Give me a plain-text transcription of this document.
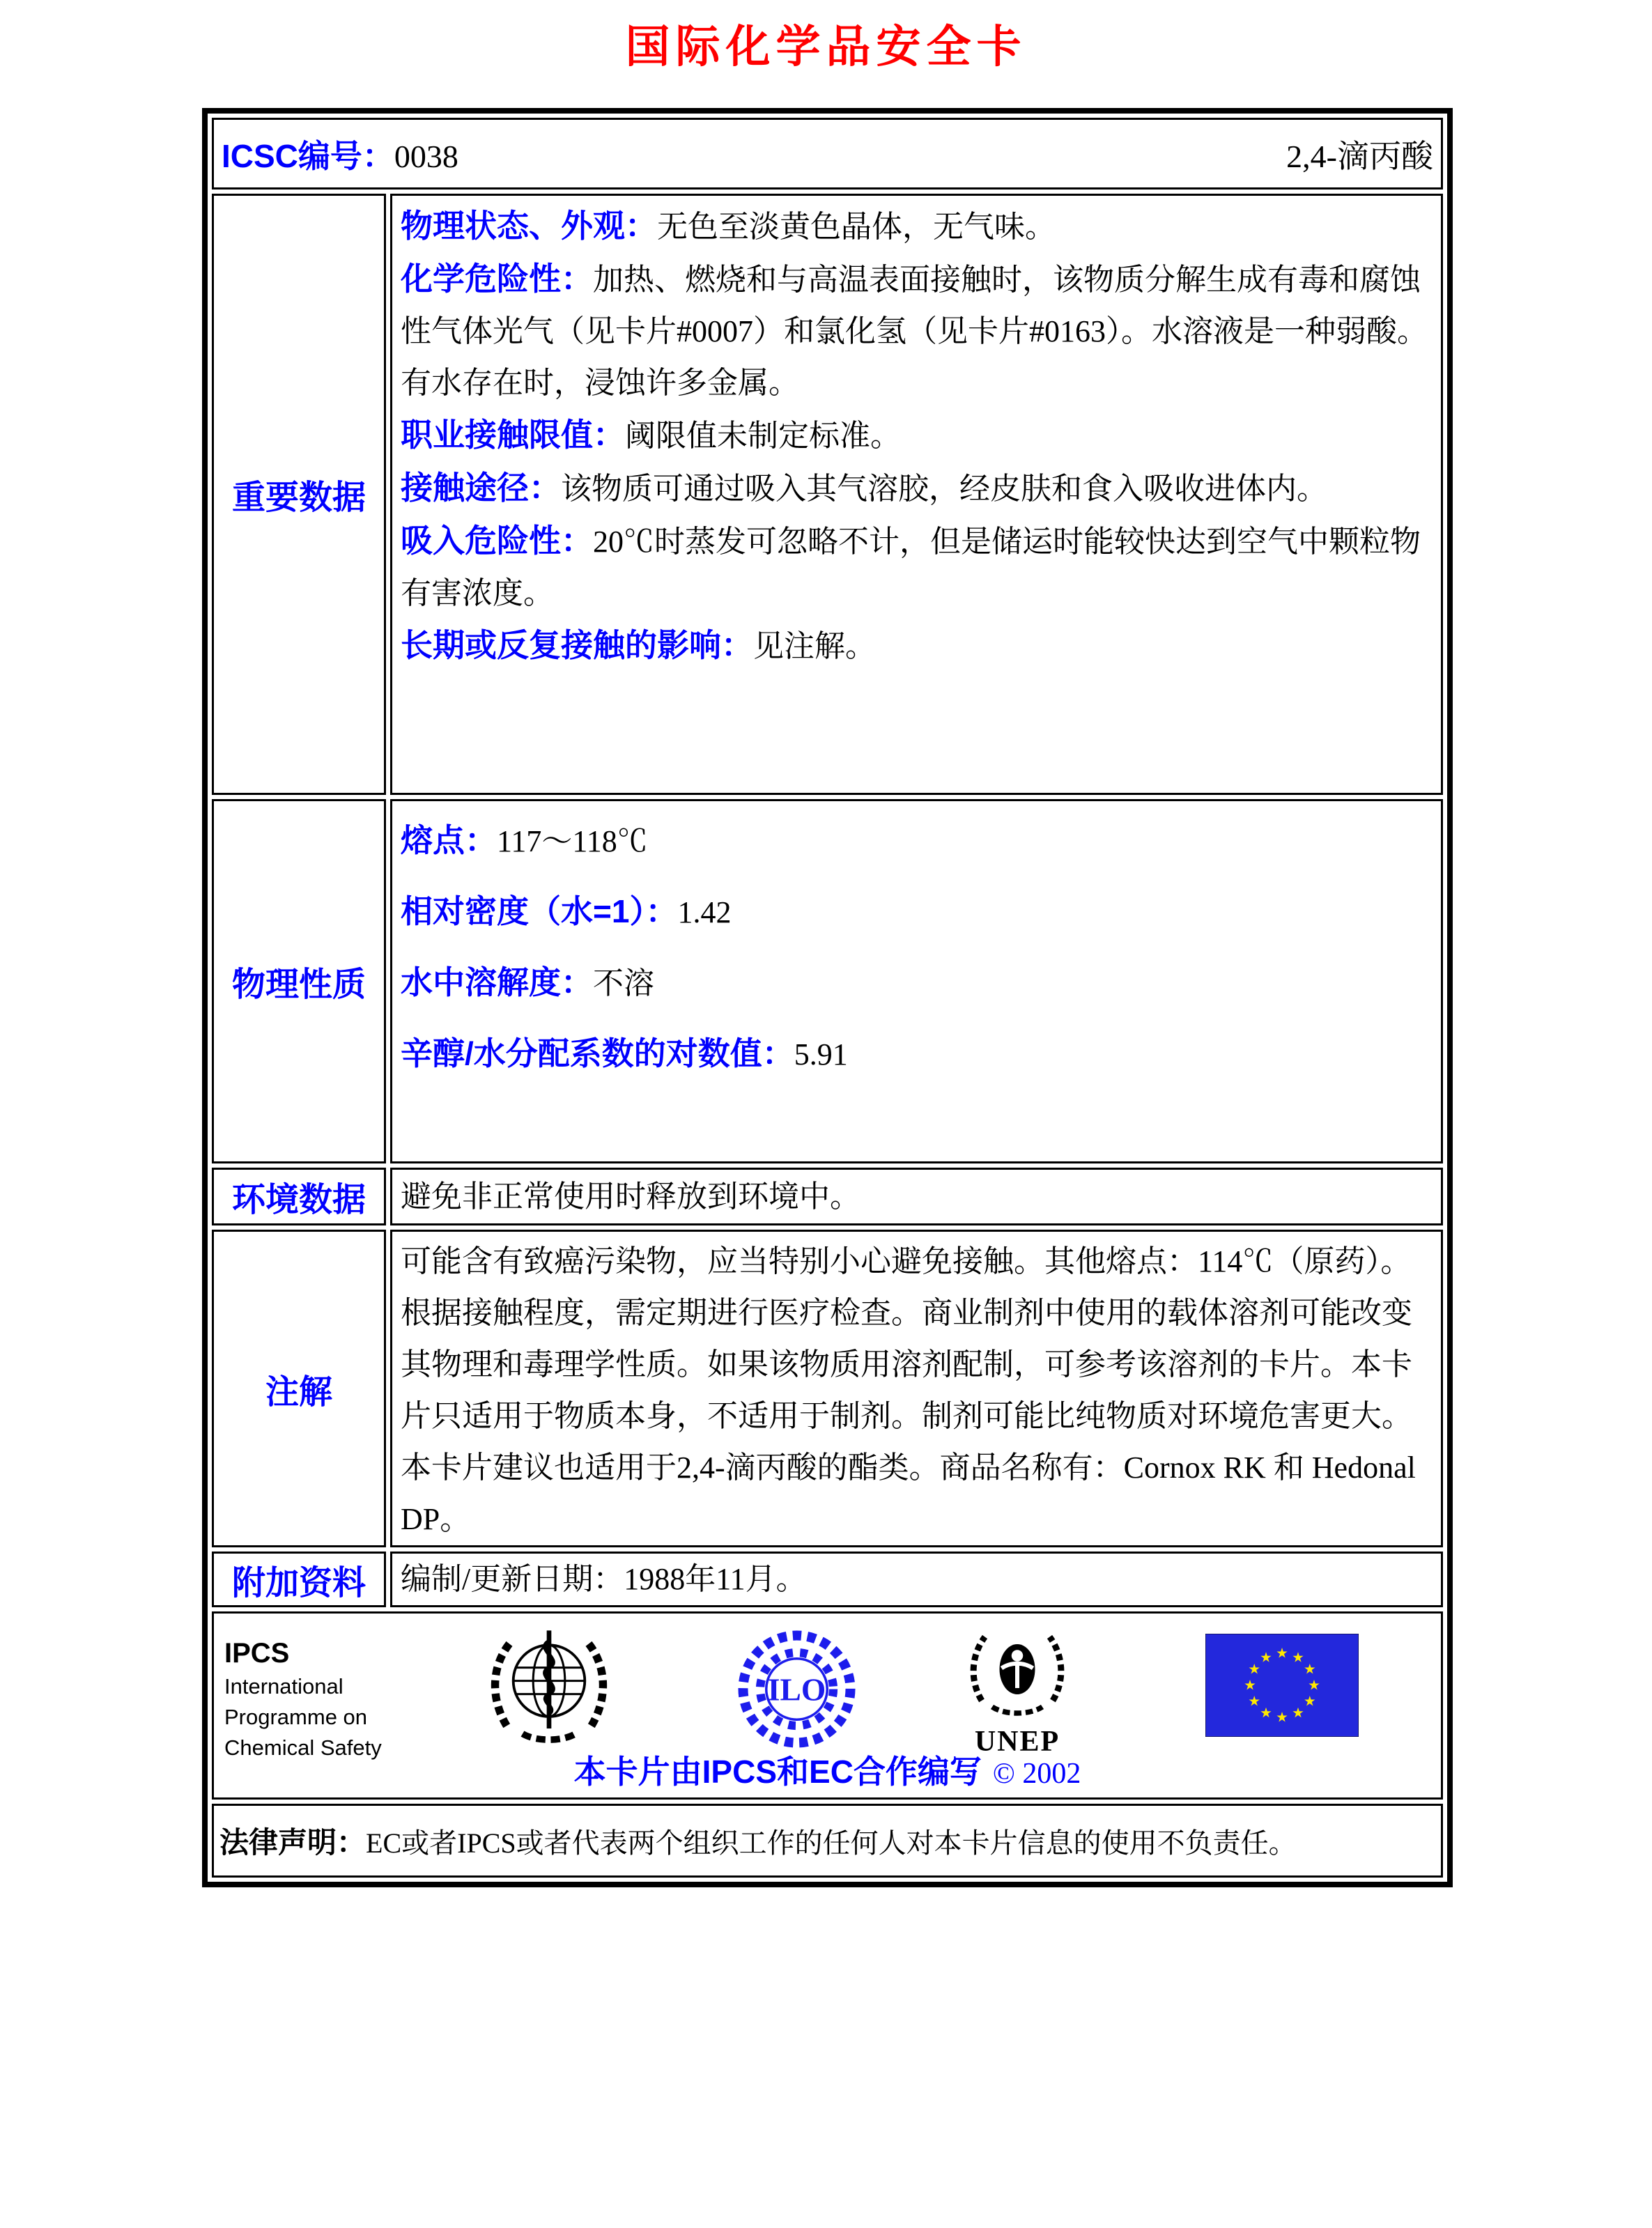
国际化学品安全卡
ICSC编号：0038 2,4-滴丙酸	

重要数据	
物理状态、外观：无色至淡黄色晶体，无气味。
化学危险性：加热、燃烧和与高温表面接触时，该物质分解生成有毒和腐蚀性气体光气（见卡片#0007）和氯化氢（见卡片#0163）。水溶液是一种弱酸。有水存在时，浸蚀许多金属。
职业接触限值：阈限值未制定标准。
接触途径：该物质可通过吸入其气溶胶，经皮肤和食入吸收进体内。
吸入危险性：20℃时蒸发可忽略不计，但是储运时能较快达到空气中颗粒物有害浓度。
长期或反复接触的影响：见注解。

物理性质	熔点：117～118℃
相对密度（水=1）：1.42
水中溶解度：不溶
辛醇/水分配系数的对数值：5.91

环境数据	避免非正常使用时释放到环境中。
注解	可能含有致癌污染物，应当特别小心避免接触。其他熔点：114℃（原药）。根据接触程度，需定期进行医疗检查。商业制剂中使用的载体溶剂可能改变其物理和毒理学性质。如果该物质用溶剂配制，可参考该溶剂的卡片。本卡片只适用于物质本身，不适用于制剂。制剂可能比纯物质对环境危害更大。本卡片建议也适用于2,4-滴丙酸的酯类。商品名称有：Cornox RK 和 Hedonal DP。
附加资料	编制/更新日期：1988年11月。

IPCS
International
Programme on
Chemical Safety
ILO
UNEP
本卡片由IPCS和EC合作编写 © 2002

法律声明：EC或者IPCS或者代表两个组织工作的任何人对本卡片信息的使用不负责任。	
